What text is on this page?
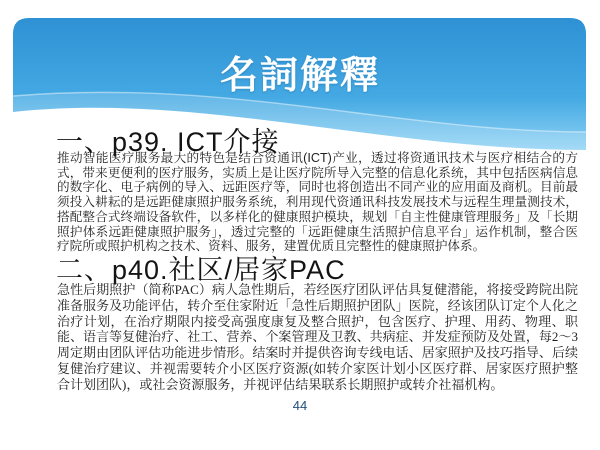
名詞解釋
一、p39. ICT介接

推动智能医疗服务最大的特色是结合资通讯(ICT)产业，透过将资通讯技术与医疗相结合的方式，带来更便利的医疗服务，实质上是让医疗院所导入完整的信息化系统，其中包括医病信息的数字化、电子病例的导入、远距医疗等，同时也将创造出不同产业的应用面及商机。目前最须投入耕耘的是远距健康照护服务系统，利用现代资通讯科技发展技术与远程生理量测技术，搭配整合式终端设备软件，以多样化的健康照护模块，规划「自主性健康管理服务」及「长期照护体系远距健康照护服务」，透过完整的「远距健康生活照护信息平台」运作机制，整合医疗院所或照护机构之技术、资料、服务，建置优质且完整性的健康照护体系。

二、p40.社区/居家PAC

急性后期照护（简称PAC）病人急性期后，若经医疗团队评估具复健潜能，将接受跨院出院准备服务及功能评估，转介至住家附近「急性后期照护团队」医院，经该团队订定个人化之治疗计划，在治疗期限内接受高强度康复及整合照护，包含医疗、护理、用药、物理、职能、语言等复健治疗、社工、营养、个案管理及卫教、共病症、并发症预防及处置，每2～3周定期由团队评估功能进步情形。结案时并提供咨询专线电话、居家照护及技巧指导、后续复健治疗建议、并视需要转介小区医疗资源(如转介家医计划小区医疗群、居家医疗照护整合计划团队)，或社会资源服务，并视评估结果联系长期照护或转介社福机构。

44
